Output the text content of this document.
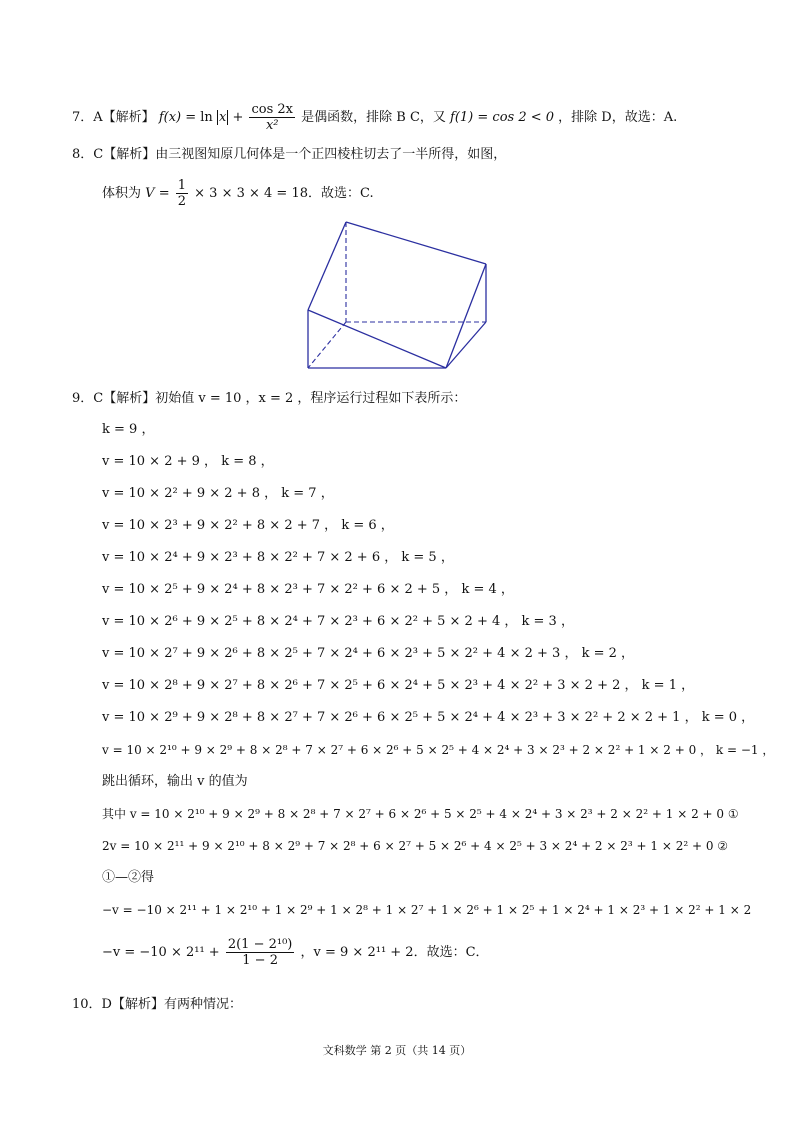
7．A【解析】 $f(x) = \ln x + \frac{\cos 2x}{\text{x²}}$ 是偶函数，排除 B C，又 f(1) = cos 2 < 0 ，排除 D，故选：A.
8．C【解析】由三视图知原几何体是一个正四棱柱切去了一半所得，如图，
体积为 $V = \frac{1}{2} \times 3 \times 3 \times 4 = 18$．故选：C.
9．C【解析】初始值 v = 10 ，x = 2 ，程序运行过程如下表所示：
k = 9 ，
v = 10 × 2 + 9 ， k = 8 ，
v = 10 × 2² + 9 × 2 + 8 ， k = 7 ，
v = 10 × 2³ + 9 × 2² + 8 × 2 + 7 ， k = 6 ，
v = 10 × 2⁴ + 9 × 2³ + 8 × 2² + 7 × 2 + 6 ， k = 5 ，
v = 10 × 2⁵ + 9 × 2⁴ + 8 × 2³ + 7 × 2² + 6 × 2 + 5 ， k = 4 ，
v = 10 × 2⁶ + 9 × 2⁵ + 8 × 2⁴ + 7 × 2³ + 6 × 2² + 5 × 2 + 4 ， k = 3 ，
v = 10 × 2⁷ + 9 × 2⁶ + 8 × 2⁵ + 7 × 2⁴ + 6 × 2³ + 5 × 2² + 4 × 2 + 3 ， k = 2 ，
v = 10 × 2⁸ + 9 × 2⁷ + 8 × 2⁶ + 7 × 2⁵ + 6 × 2⁴ + 5 × 2³ + 4 × 2² + 3 × 2 + 2 ， k = 1 ，
v = 10 × 2⁹ + 9 × 2⁸ + 8 × 2⁷ + 7 × 2⁶ + 6 × 2⁵ + 5 × 2⁴ + 4 × 2³ + 3 × 2² + 2 × 2 + 1 ， k = 0 ，
v = 10 × 2¹⁰ + 9 × 2⁹ + 8 × 2⁸ + 7 × 2⁷ + 6 × 2⁶ + 5 × 2⁵ + 4 × 2⁴ + 3 × 2³ + 2 × 2² + 1 × 2 + 0 ， k = −1 ，
跳出循环，输出 v 的值为
其中 v = 10 × 2¹⁰ + 9 × 2⁹ + 8 × 2⁸ + 7 × 2⁷ + 6 × 2⁶ + 5 × 2⁵ + 4 × 2⁴ + 3 × 2³ + 2 × 2² + 1 × 2 + 0 ①
2v = 10 × 2¹¹ + 9 × 2¹⁰ + 8 × 2⁹ + 7 × 2⁸ + 6 × 2⁷ + 5 × 2⁶ + 4 × 2⁵ + 3 × 2⁴ + 2 × 2³ + 1 × 2² + 0 ②
①—②得
−v = −10 × 2¹¹ + 1 × 2¹⁰ + 1 × 2⁹ + 1 × 2⁸ + 1 × 2⁷ + 1 × 2⁶ + 1 × 2⁵ + 1 × 2⁴ + 1 × 2³ + 1 × 2² + 1 × 2
$-v = -10 \times 2^{11} + \frac{\text{2(1 − 2¹⁰)}}{1 - 2}$ ，v = 9 × 2¹¹ + 2．故选：C．
10．D【解析】有两种情况：
文科数学 第 2 页（共 14 页）
